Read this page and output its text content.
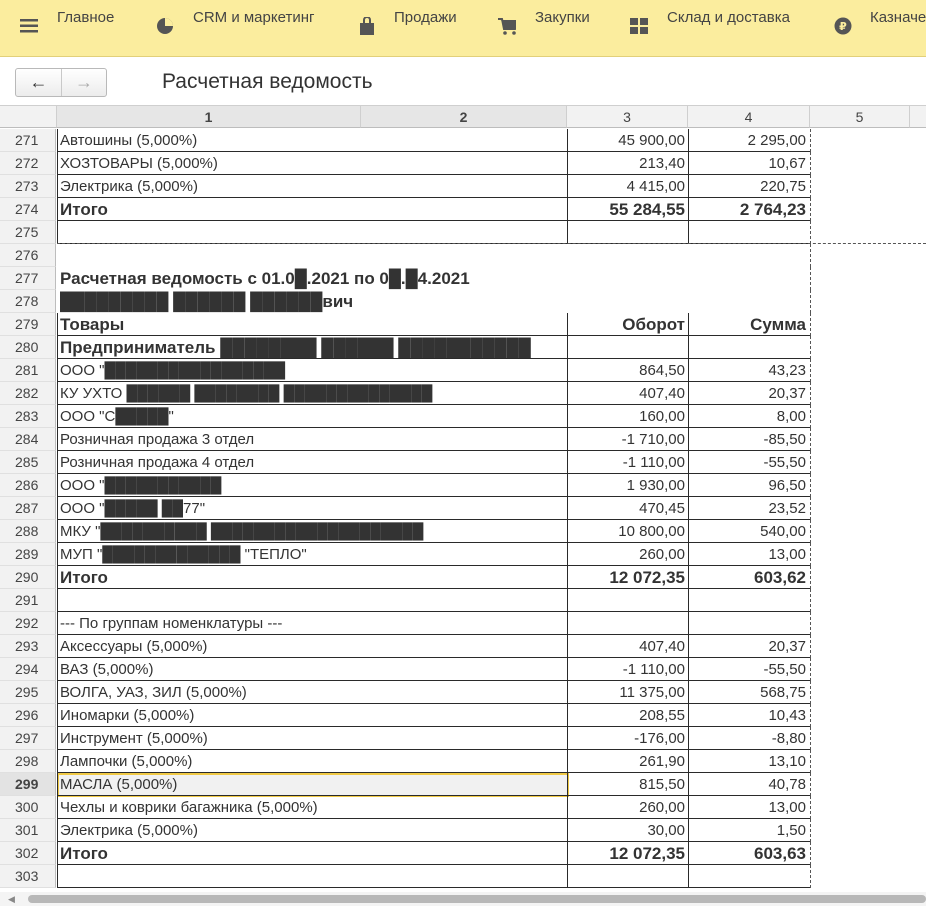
Главное	CRM и маркетинг	Продажи	Закупки	Склад и доставка
₽
Казначе
← →	Расчетная ведомость
1	2	3	4	5
271	Автошины (5,000%)	45 900,00	2 295,00
272	ХОЗТОВАРЫ (5,000%)	213,40	10,67
273	Электрика (5,000%)	4 415,00	220,75
274	Итого	55 284,55	2 764,23
275
276
277	Расчетная ведомость с 01.0█.2021 по 0█.█4.2021
278	█████████ ██████ ██████вич
279	Товары	Оборот	Сумма
280	Предприниматель ████████ ██████ ███████████
281	ООО "█████████████████	864,50	43,23
282	КУ УХТО ██████ ████████ ██████████████	407,40	20,37
283	ООО "С█████"	160,00	8,00
284	Розничная продажа 3 отдел	-1 710,00	-85,50
285	Розничная продажа 4 отдел	-1 110,00	-55,50
286	ООО "███████████	1 930,00	96,50
287	ООО "█████ ██77"	470,45	23,52
288	МКУ "██████████ ████████████████████	10 800,00	540,00
289	МУП "█████████████ "ТЕПЛО"	260,00	13,00
290	Итого	12 072,35	603,62
291
292	--- По группам номенклатуры ---
293	Аксессуары (5,000%)	407,40	20,37
294	ВАЗ (5,000%)	-1 110,00	-55,50
295	ВОЛГА, УАЗ, ЗИЛ (5,000%)	11 375,00	568,75
296	Иномарки (5,000%)	208,55	10,43
297	Инструмент (5,000%)	-176,00	-8,80
298	Лампочки (5,000%)	261,90	13,10
299	МАСЛА (5,000%)	815,50	40,78
300	Чехлы и коврики багажника (5,000%)	260,00	13,00
301	Электрика (5,000%)	30,00	1,50
302	Итого	12 072,35	603,63
303
◀
